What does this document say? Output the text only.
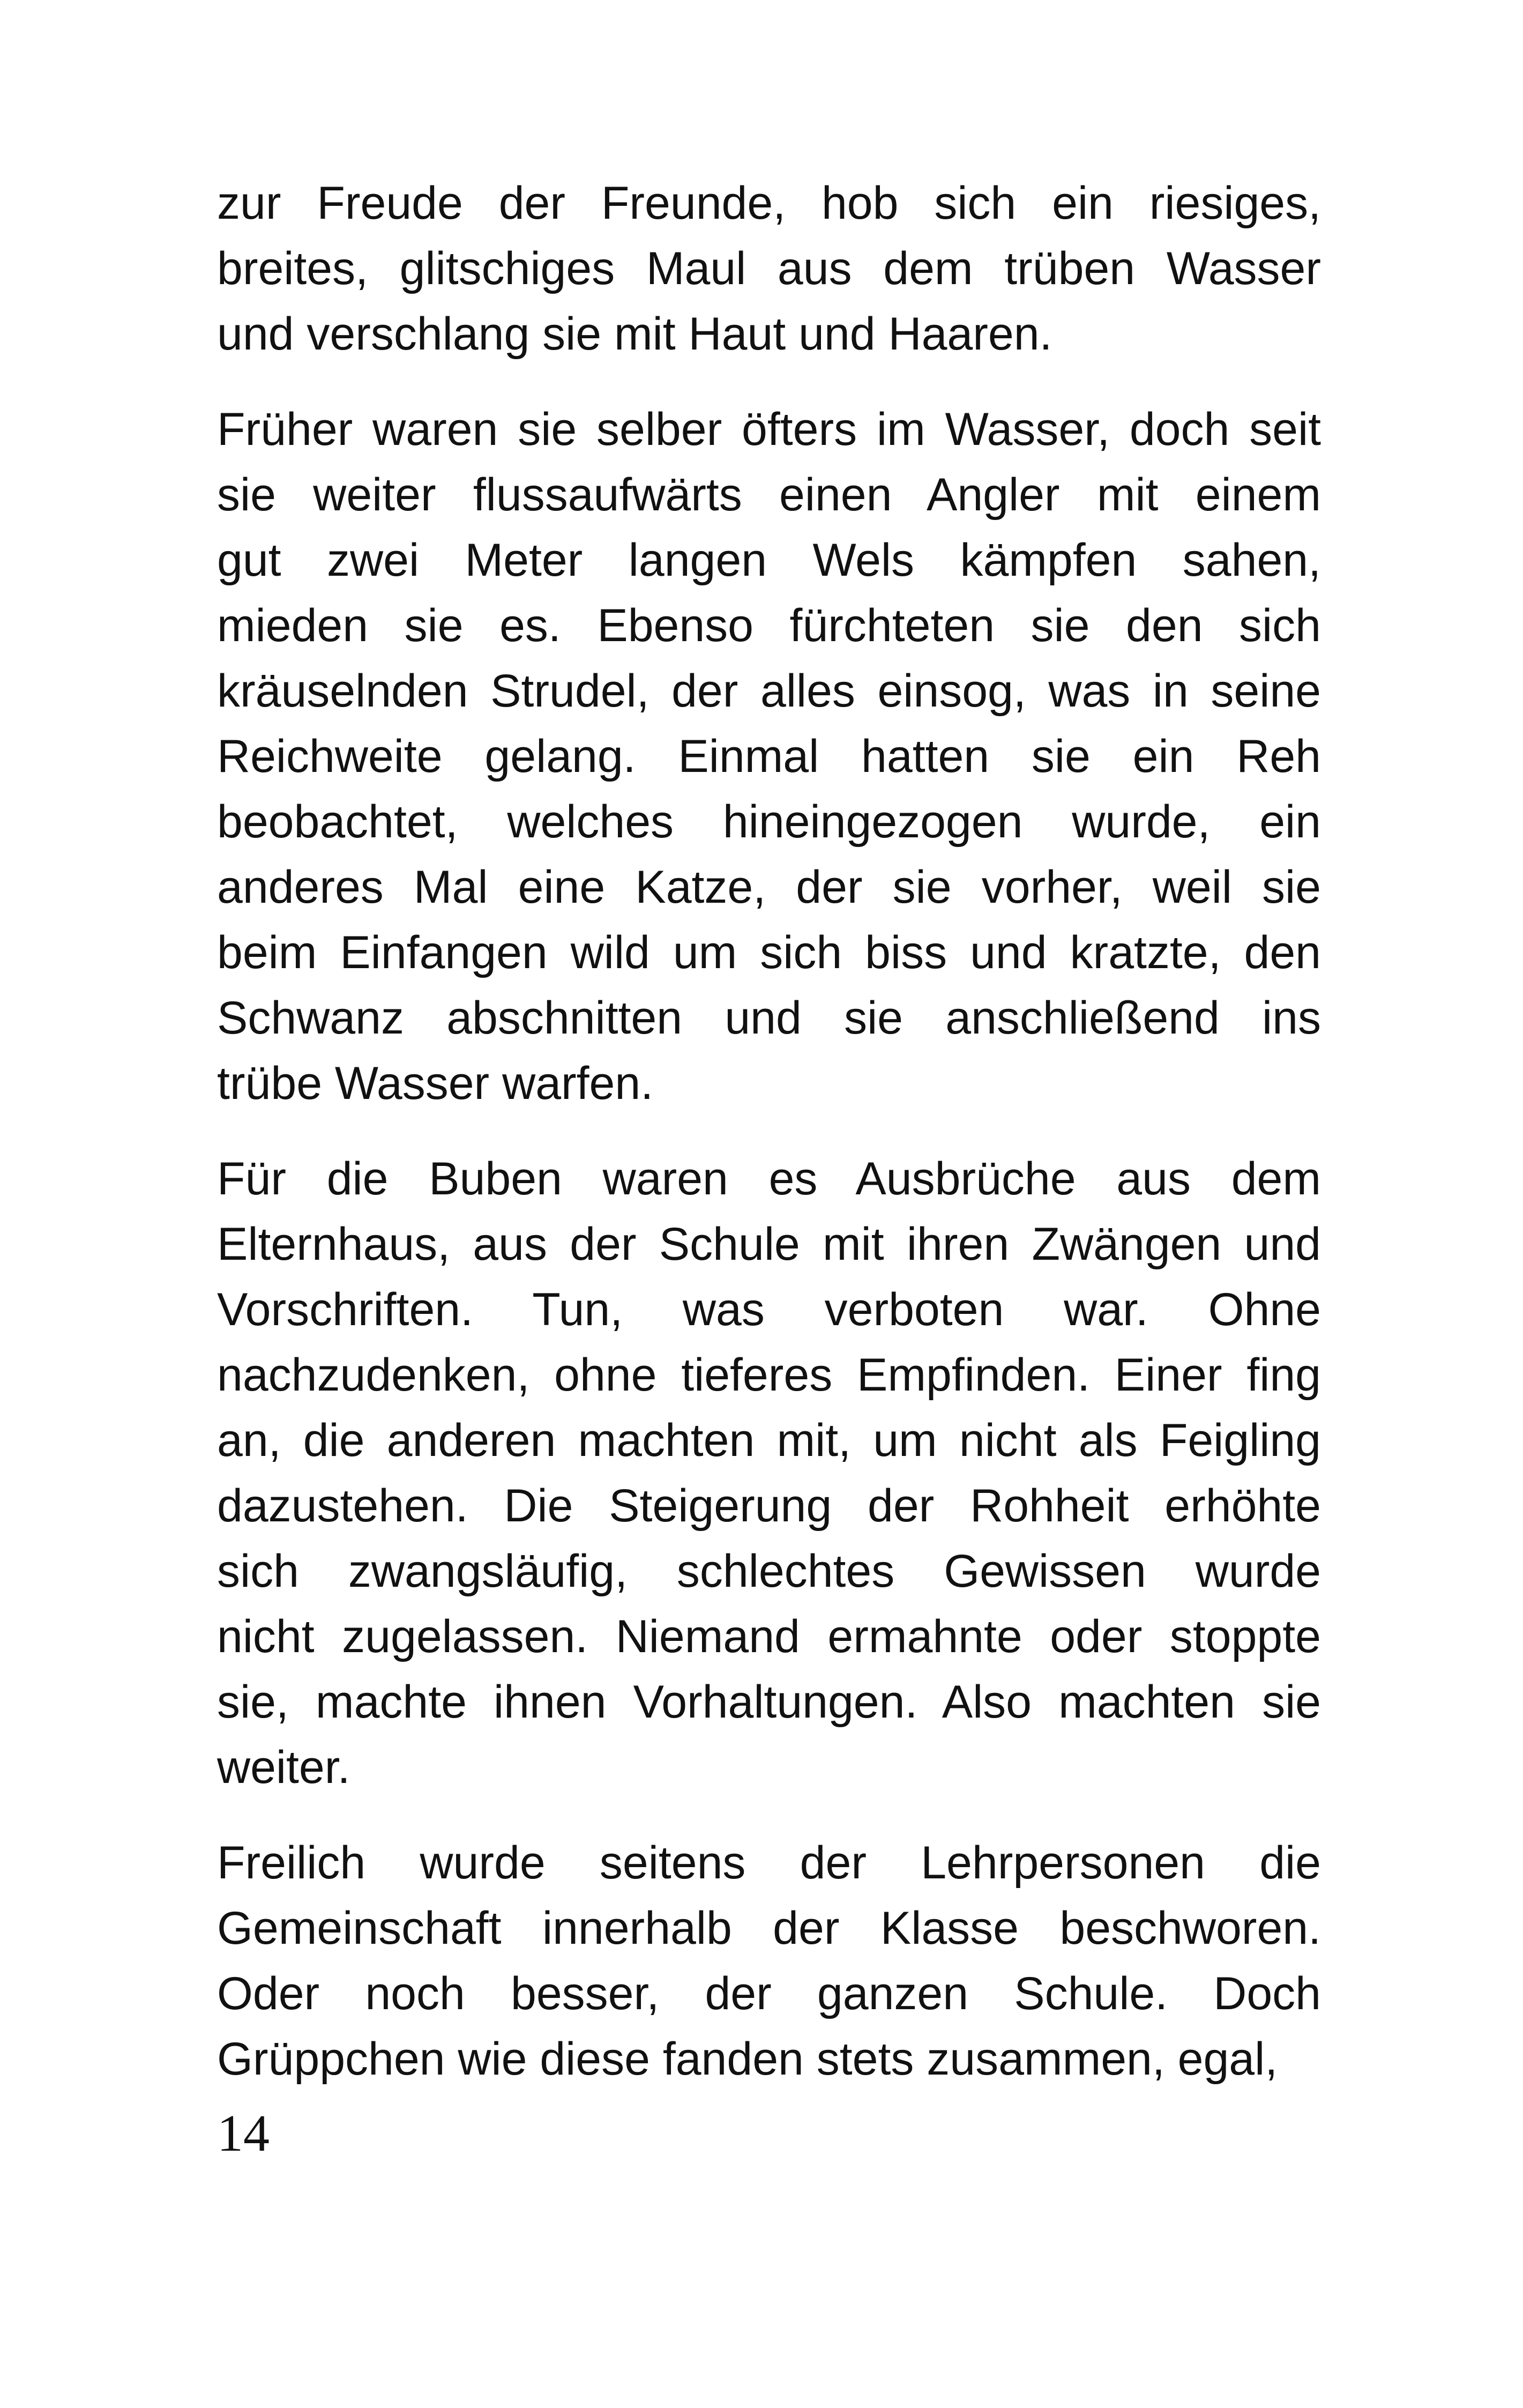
zur Freude der Freunde, hob sich ein riesiges,
breites, glitschiges Maul aus dem trüben Wasser
und verschlang sie mit Haut und Haaren.
Früher waren sie selber öfters im Wasser, doch seit
sie weiter flussaufwärts einen Angler mit einem
gut zwei Meter langen Wels kämpfen sahen,
mieden sie es. Ebenso fürchteten sie den sich
kräuselnden Strudel, der alles einsog, was in seine
Reichweite gelang. Einmal hatten sie ein Reh
beobachtet, welches hineingezogen wurde, ein
anderes Mal eine Katze, der sie vorher, weil sie
beim Einfangen wild um sich biss und kratzte, den
Schwanz abschnitten und sie anschließend ins
trübe Wasser warfen.
Für die Buben waren es Ausbrüche aus dem
Elternhaus, aus der Schule mit ihren Zwängen und
Vorschriften. Tun, was verboten war. Ohne
nachzudenken, ohne tieferes Empfinden. Einer fing
an, die anderen machten mit, um nicht als Feigling
dazustehen. Die Steigerung der Rohheit erhöhte
sich zwangsläufig, schlechtes Gewissen wurde
nicht zugelassen. Niemand ermahnte oder stoppte
sie, machte ihnen Vorhaltungen. Also machten sie
weiter.
Freilich wurde seitens der Lehrpersonen die
Gemeinschaft innerhalb der Klasse beschworen.
Oder noch besser, der ganzen Schule. Doch
Grüppchen wie diese fanden stets zusammen, egal,
14
